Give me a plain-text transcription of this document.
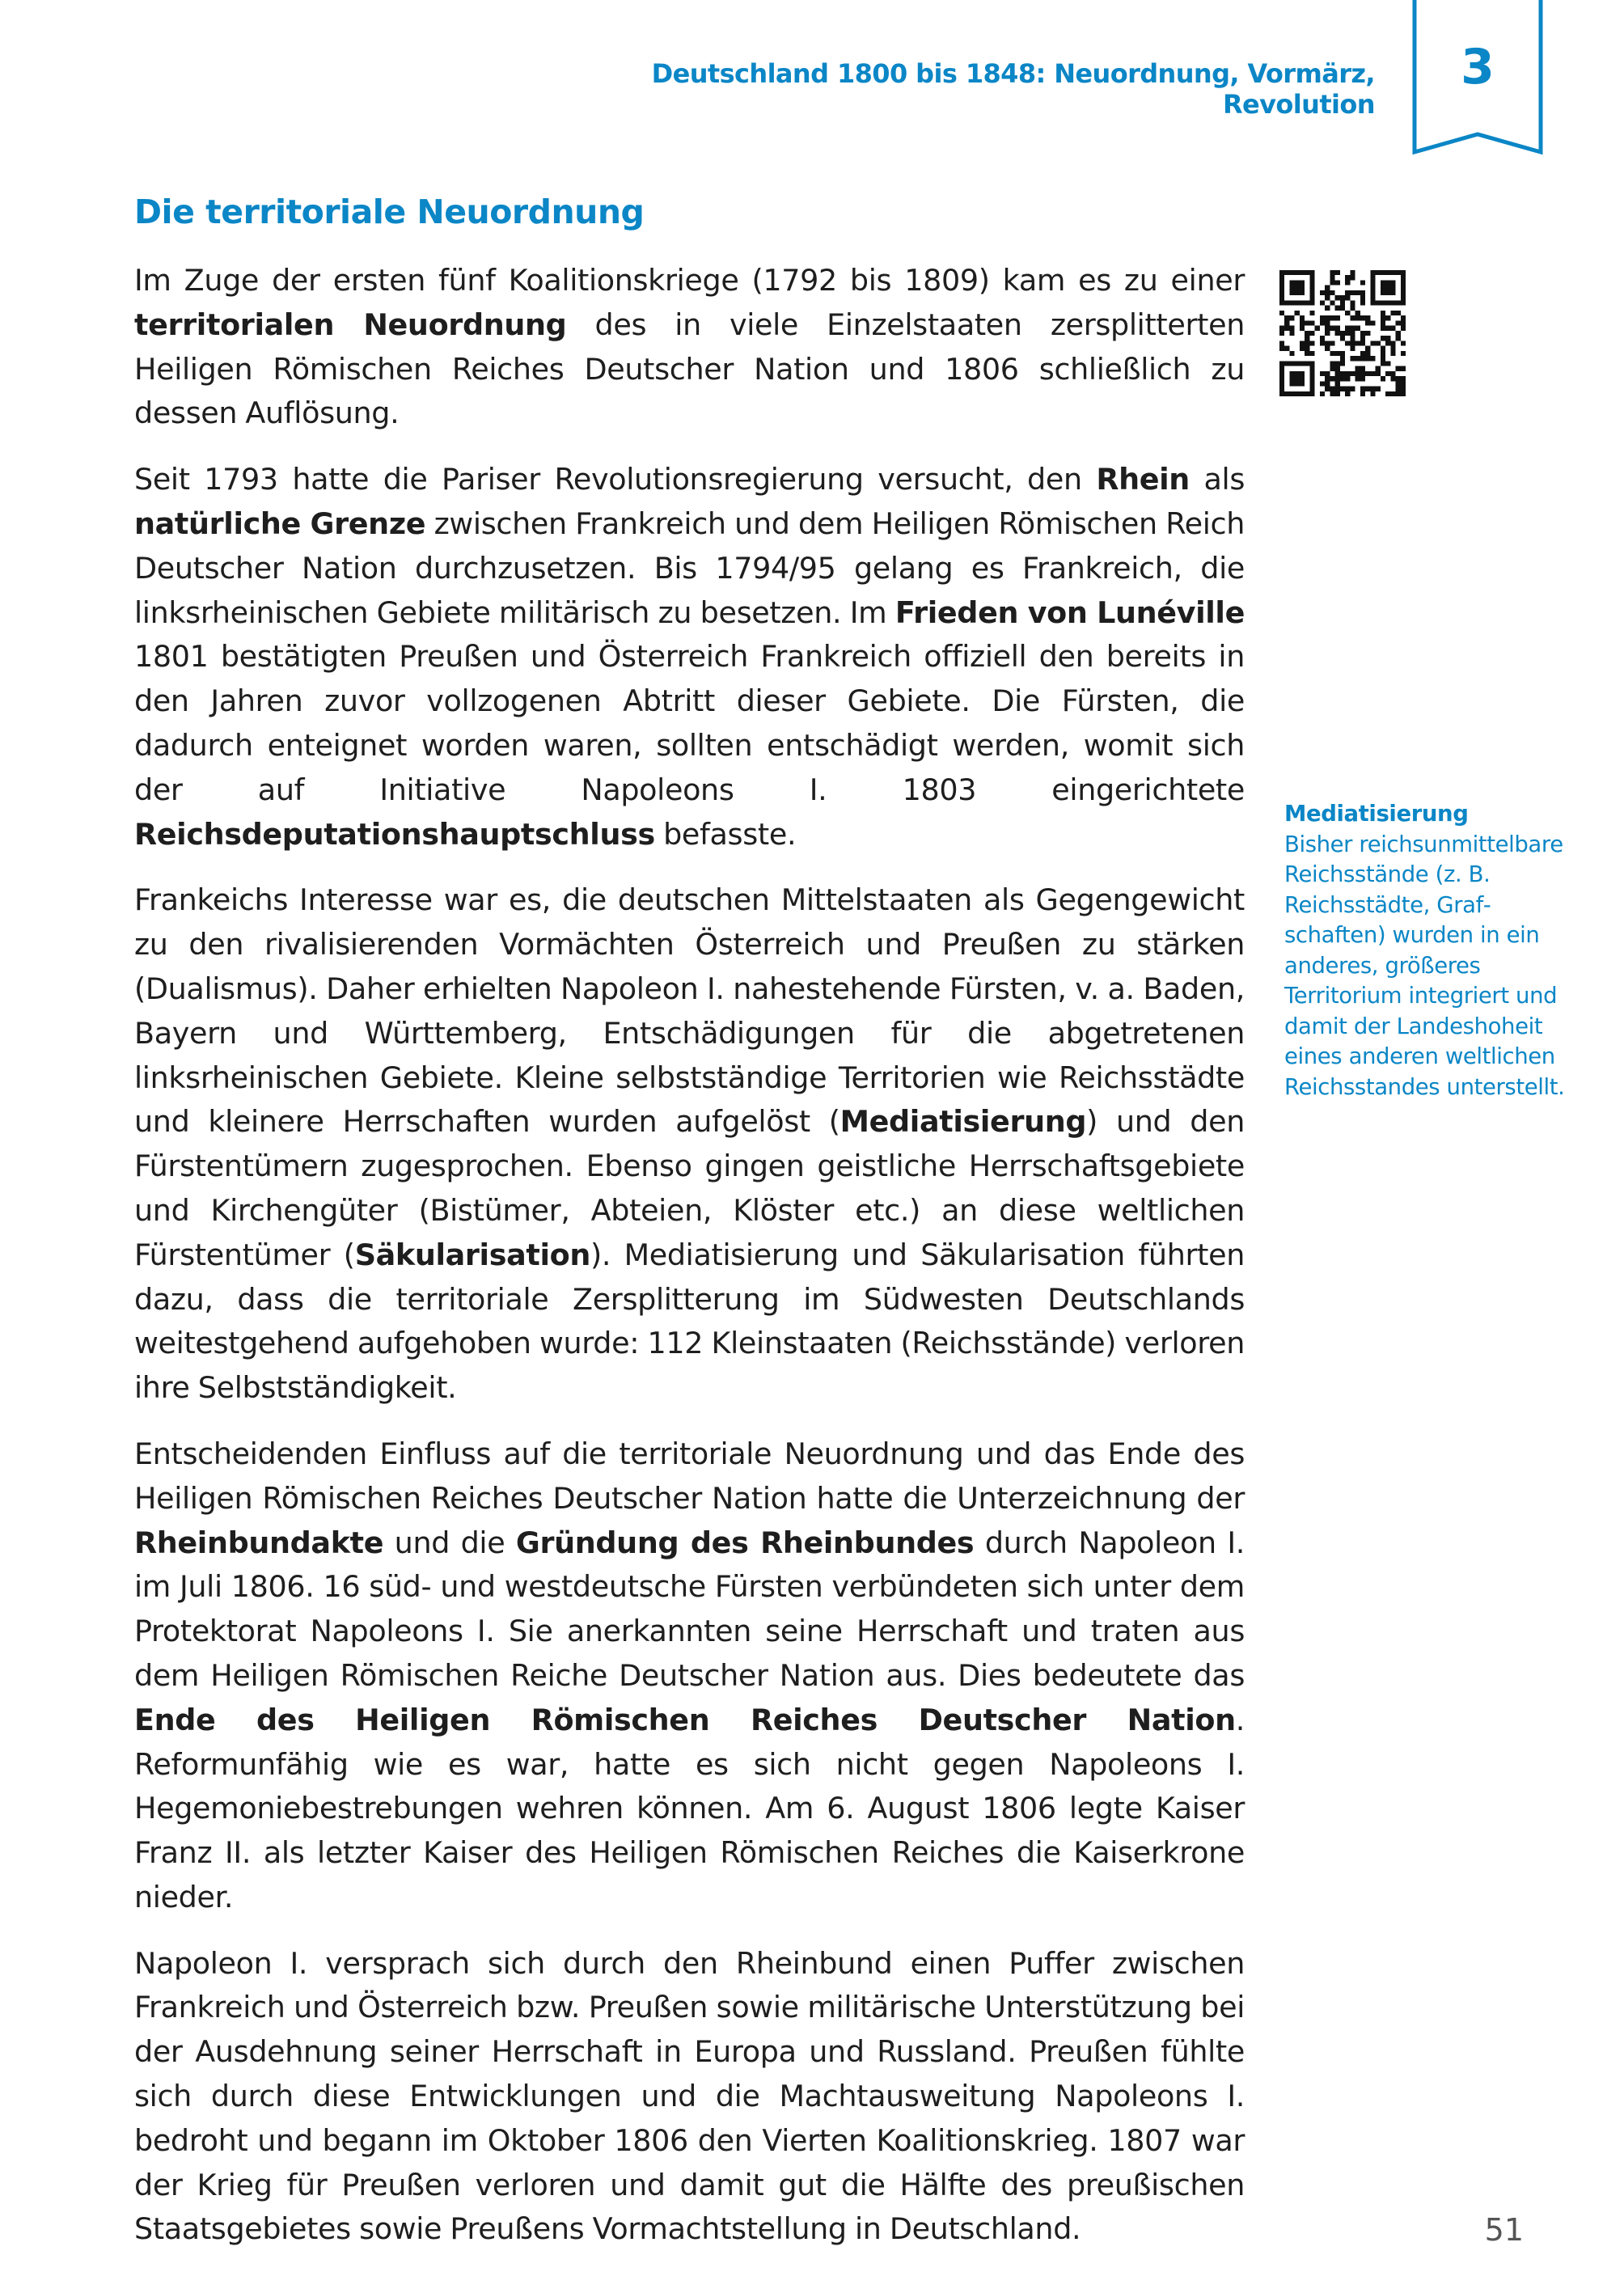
Deutschland 1800 bis 1848: Neuordnung, Vormärz, Revolution
3
Die territoriale Neuordnung

Im Zuge der ersten fünf Koalitionskriege (1792 bis 1809) kam es zu einer territorialen Neuordnung des in viele Einzelstaaten zersplitterten Heiligen Römischen Reiches Deutscher Nation und 1806 schließlich zu dessen Auflösung.

Seit 1793 hatte die Pariser Revolutionsregierung versucht, den Rhein als natürliche Grenze zwischen Frankreich und dem Heiligen Römischen Reich Deutscher Nation durchzusetzen. Bis 1794/95 gelang es Frankreich, die linksrheinischen Gebiete militärisch zu besetzen. Im Frieden von Lunéville 1801 bestätigten Preußen und Österreich Frankreich offiziell den bereits in den Jahren zuvor vollzogenen Abtritt dieser Gebiete. Die Fürsten, die dadurch enteignet worden waren, sollten entschädigt werden, womit sich der auf Initiative Napoleons I. 1803 eingerichtete Reichsdeputationshauptschluss befasste.

Frankeichs Interesse war es, die deutschen Mittelstaaten als Gegengewicht zu den rivalisierenden Vormächten Österreich und Preußen zu stärken (Dualismus). Daher erhielten Napoleon I. nahestehende Fürsten, v. a. Baden, Bayern und Württemberg, Entschädigungen für die abgetretenen linksrheinischen Gebiete. Kleine selbstständige Territorien wie Reichsstädte und kleinere Herrschaften wurden aufgelöst (Mediatisierung) und den Fürstentümern zugesprochen. Ebenso gingen geistliche Herrschaftsgebiete und Kirchengüter (Bistümer, Abteien, Klöster etc.) an diese weltlichen Fürstentümer (Säkularisation). Mediatisierung und Säkularisation führten dazu, dass die territoriale Zersplitterung im Südwesten Deutschlands weitestgehend aufgehoben wurde: 112 Kleinstaaten (Reichsstände) verloren ihre Selbstständigkeit.

Entscheidenden Einfluss auf die territoriale Neuordnung und das Ende des Heiligen Römischen Reiches Deutscher Nation hatte die Unterzeichnung der Rheinbundakte und die Gründung des Rheinbundes durch Napoleon I. im Juli 1806. 16 süd- und westdeutsche Fürsten verbündeten sich unter dem Protektorat Napoleons I. Sie anerkannten seine Herrschaft und traten aus dem Heiligen Römischen Reiche Deutscher Nation aus. Dies bedeutete das Ende des Heiligen Römischen Reiches Deutscher Nation. Reformunfähig wie es war, hatte es sich nicht gegen Napoleons I. Hegemoniebestrebungen wehren können. Am 6. August 1806 legte Kaiser Franz II. als letzter Kaiser des Heiligen Römischen Reiches die Kaiserkrone nieder.

Napoleon I. versprach sich durch den Rheinbund einen Puffer zwischen Frankreich und Österreich bzw. Preußen sowie militärische Unterstützung bei der Ausdehnung seiner Herrschaft in Europa und Russland. Preußen fühlte sich durch diese Entwicklungen und die Machtausweitung Napoleons I. bedroht und begann im Oktober 1806 den Vierten Koalitionskrieg. 1807 war der Krieg für Preußen verloren und damit gut die Hälfte des preußischen Staatsgebietes sowie Preußens Vormachtstellung in Deutschland.

Mediatisierung
Bisher reichsunmittelbare Reichsstände (z. B. Reichsstädte, Grafschaften) wurden in ein anderes, größeres Territorium integriert und damit der Landeshoheit eines anderen weltlichen Reichsstandes unterstellt.
51
